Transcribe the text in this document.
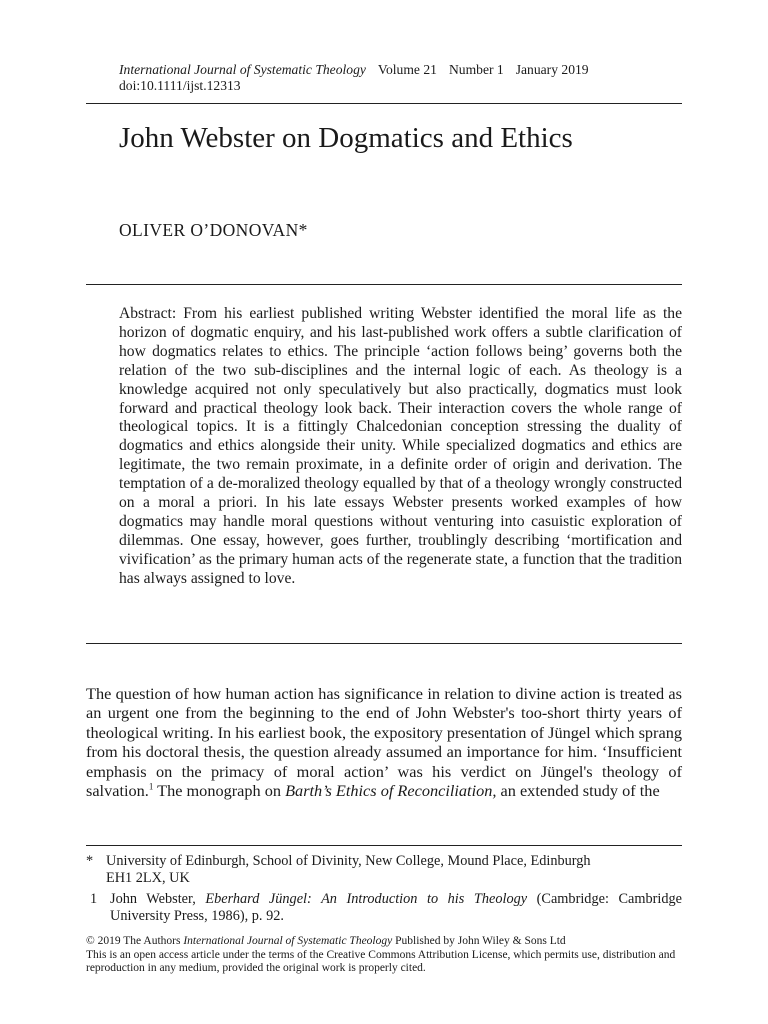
International Journal of Systematic Theology Volume 21 Number 1 January 2019
doi:10.1111/ijst.12313
John Webster on Dogmatics and Ethics
OLIVER O’DONOVAN*

Abstract: From his earliest published writing Webster identified the moral life as the horizon of dogmatic enquiry, and his last-published work offers a subtle clarification of how dogmatics relates to ethics. The principle ‘action follows being’ governs both the relation of the two sub-disciplines and the internal logic of each. As theology is a knowledge acquired not only speculatively but also practically, dogmatics must look forward and practical theology look back. Their interaction covers the whole range of theological topics. It is a fittingly Chalcedonian conception stressing the duality of dogmatics and ethics alongside their unity. While specialized dogmatics and ethics are legitimate, the two remain proximate, in a definite order of origin and derivation. The temptation of a de-moralized theology equalled by that of a theology wrongly constructed on a moral a priori. In his late essays Webster presents worked examples of how dogmatics may handle moral questions without venturing into casuistic exploration of dilemmas. One essay, however, goes further, troublingly describing ‘mortification and vivification’ as the primary human acts of the regenerate state, a function that the tradition has always assigned to love.

The question of how human action has significance in relation to divine action is treated as an urgent one from the beginning to the end of John Webster's too-short thirty years of theological writing. In his earliest book, the expository presentation of Jüngel which sprang from his doctoral thesis, the question already assumed an importance for him. ‘Insufficient emphasis on the primacy of moral action’ was his verdict on Jüngel's theology of salvation.$^1$ The monograph on Barth’s Ethics of Reconciliation, an extended study of the

* University of Edinburgh, School of Divinity, New College, Mound Place, Edinburgh EH1 2LX, UK
1 John Webster, Eberhard Jüngel: An Introduction to his Theology (Cambridge: Cambridge University Press, 1986), p. 92.
© 2019 The Authors International Journal of Systematic Theology Published by John Wiley & Sons Ltd
This is an open access article under the terms of the Creative Commons Attribution License, which permits use, distribution and reproduction in any medium, provided the original work is properly cited.
